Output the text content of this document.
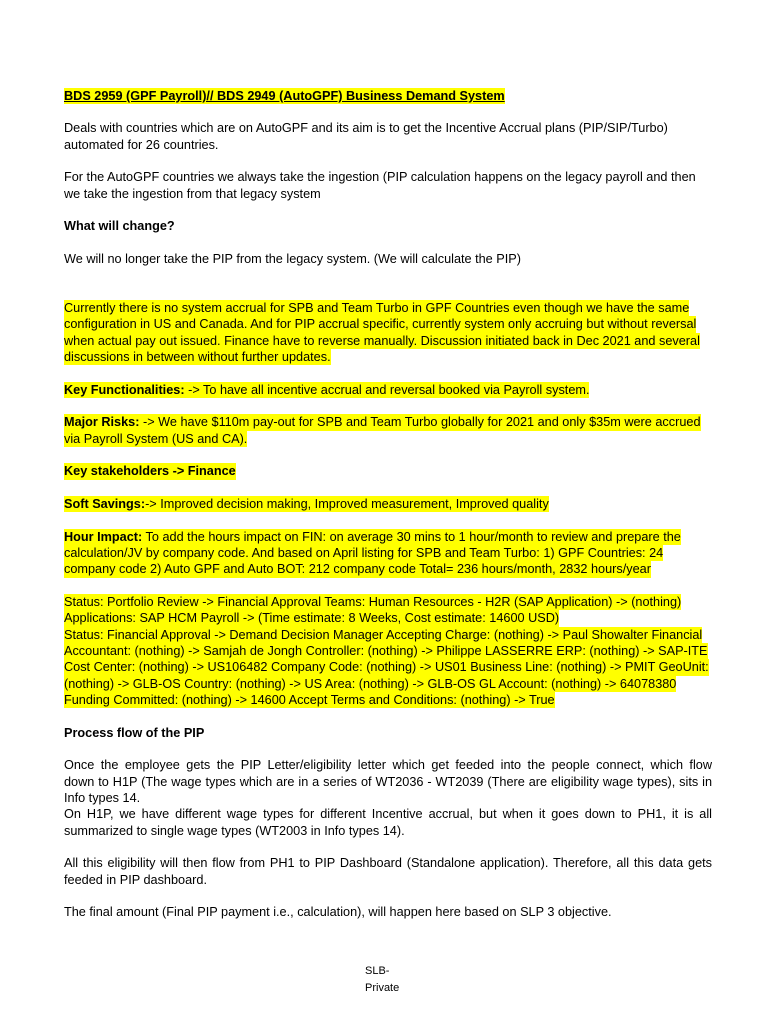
BDS 2959 (GPF Payroll)// BDS 2949 (AutoGPF) Business Demand System
Deals with countries which are on AutoGPF and its aim is to get the Incentive Accrual plans (PIP/SIP/Turbo)
automated for 26 countries.
For the AutoGPF countries we always take the ingestion (PIP calculation happens on the legacy payroll and then
we take the ingestion from that legacy system
What will change?
We will no longer take the PIP from the legacy system. (We will calculate the PIP)
Currently there is no system accrual for SPB and Team Turbo in GPF Countries even though we have the same
configuration in US and Canada. And for PIP accrual specific, currently system only accruing but without reversal
when actual pay out issued. Finance have to reverse manually. Discussion initiated back in Dec 2021 and several
discussions in between without further updates.
Key Functionalities: -> To have all incentive accrual and reversal booked via Payroll system.
Major Risks: -> We have $110m pay-out for SPB and Team Turbo globally for 2021 and only $35m were accrued
via Payroll System (US and CA).
Key stakeholders -> Finance
Soft Savings:-> Improved decision making, Improved measurement, Improved quality
Hour Impact: To add the hours impact on FIN: on average 30 mins to 1 hour/month to review and prepare the
calculation/JV by company code. And based on April listing for SPB and Team Turbo: 1) GPF Countries: 24
company code 2) Auto GPF and Auto BOT: 212 company code Total= 236 hours/month, 2832 hours/year
Status: Portfolio Review -> Financial Approval Teams: Human Resources - H2R (SAP Application) -> (nothing)
Applications: SAP HCM Payroll -> (Time estimate: 8 Weeks, Cost estimate: 14600 USD)
Status: Financial Approval -> Demand Decision Manager Accepting Charge: (nothing) -> Paul Showalter Financial
Accountant: (nothing) -> Samjah de Jongh Controller: (nothing) -> Philippe LASSERRE ERP: (nothing) -> SAP-ITE
Cost Center: (nothing) -> US106482 Company Code: (nothing) -> US01 Business Line: (nothing) -> PMIT GeoUnit:
(nothing) -> GLB-OS Country: (nothing) -> US Area: (nothing) -> GLB-OS GL Account: (nothing) -> 64078380
Funding Committed: (nothing) -> 14600 Accept Terms and Conditions: (nothing) -> True
Process flow of the PIP
Once the employee gets the PIP Letter/eligibility letter which get feeded into the people connect, which flow
down to H1P (The wage types which are in a series of WT2036 - WT2039 (There are eligibility wage types), sits in
Info types 14.
On H1P, we have different wage types for different Incentive accrual, but when it goes down to PH1, it is all
summarized to single wage types (WT2003 in Info types 14).
All this eligibility will then flow from PH1 to PIP Dashboard (Standalone application). Therefore, all this data gets
feeded in PIP dashboard.
The final amount (Final PIP payment i.e., calculation), will happen here based on SLP 3 objective.
SLB-
Private
